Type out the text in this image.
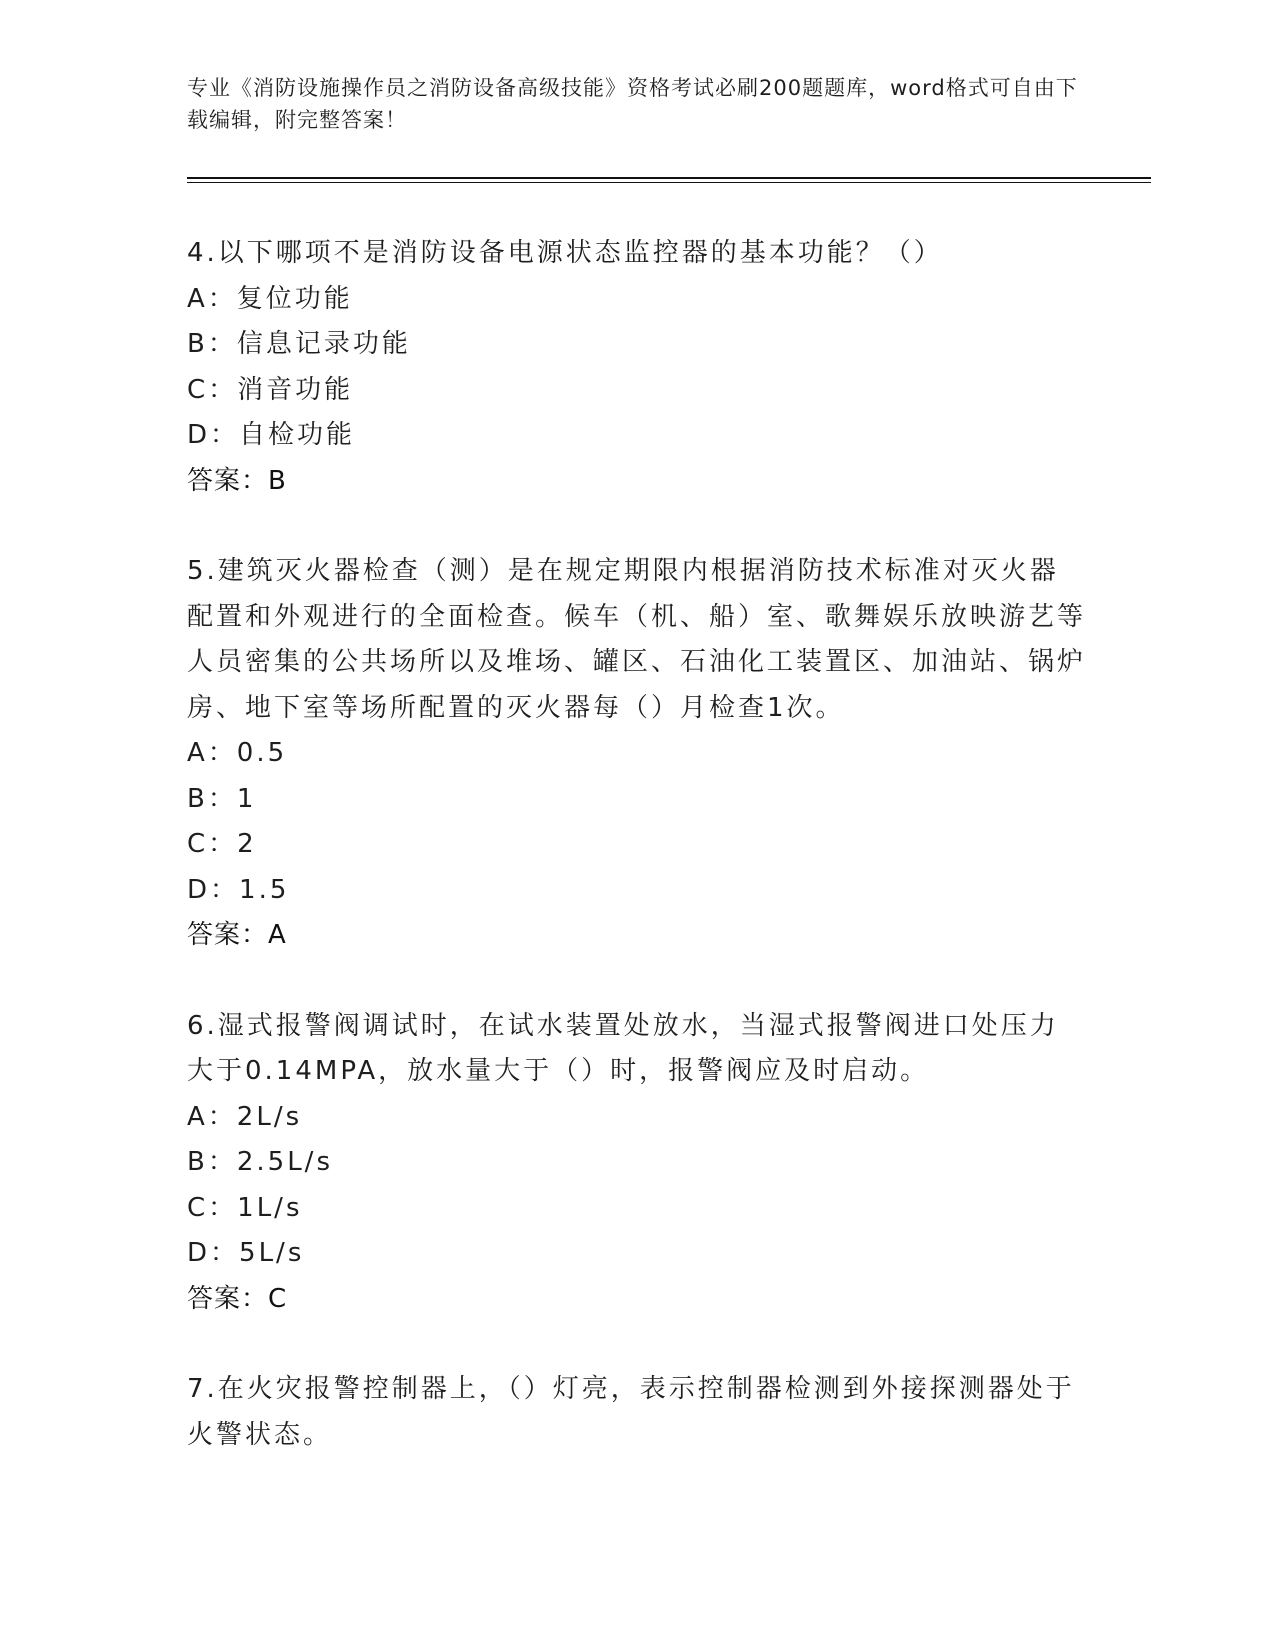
专业《消防设施操作员之消防设备高级技能》资格考试必刷200题题库，word格式可自由下载编辑，附完整答案！
4.以下哪项不是消防设备电源状态监控器的基本功能？（）
A：复位功能
B：信息记录功能
C：消音功能
D：自检功能
答案：B
5.建筑灭火器检查（测）是在规定期限内根据消防技术标准对灭火器配置和外观进行的全面检查。候车（机、船）室、歌舞娱乐放映游艺等人员密集的公共场所以及堆场、罐区、石油化工装置区、加油站、锅炉房、地下室等场所配置的灭火器每（）月检查1次。
A：0.5
B：1
C：2
D：1.5
答案：A
6.湿式报警阀调试时，在试水装置处放水，当湿式报警阀进口处压力大于0.14MPA，放水量大于（）时，报警阀应及时启动。
A：2L/s
B：2.5L/s
C：1L/s
D：5L/s
答案：C
7.在火灾报警控制器上，（）灯亮，表示控制器检测到外接探测器处于火警状态。
